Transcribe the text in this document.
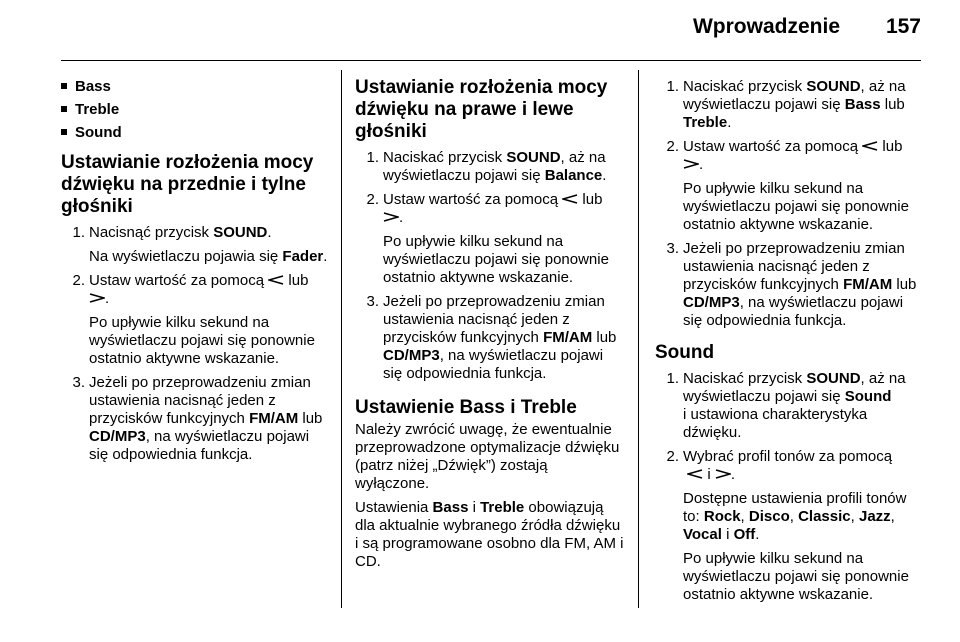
Wprowadzenie 157
Bass
Treble
Sound
Ustawianie rozłożenia mocy dźwięku na przednie i tylne głośniki
1. Nacisnąć przycisk SOUND.

Na wyświetlaczu pojawia się Fader.

2. Ustaw wartość za pomocą  lub
.

Po upływie kilku sekund na wyświetlaczu pojawi się ponownie ostatnio aktywne wskazanie.

3. Jeżeli po przeprowadzeniu zmian ustawienia nacisnąć jeden z przycisków funkcyjnych FM/AM lub CD/MP3, na wyświetlaczu pojawi się odpowiednia funkcja.

Ustawianie rozłożenia mocy dźwięku na prawe i lewe głośniki
1. Naciskać przycisk SOUND, aż na wyświetlaczu pojawi się Balance.

2. Ustaw wartość za pomocą  lub
.

Po upływie kilku sekund na wyświetlaczu pojawi się ponownie ostatnio aktywne wskazanie.

3. Jeżeli po przeprowadzeniu zmian ustawienia nacisnąć jeden z przycisków funkcyjnych FM/AM lub CD/MP3, na wyświetlaczu pojawi się odpowiednia funkcja.

Ustawienie Bass i Treble

Należy zwrócić uwagę, że ewentualnie przeprowadzone optymalizacje dźwięku (patrz niżej „Dźwięk”) zostają wyłączone.

Ustawienia Bass i Treble obowiązują dla aktualnie wybranego źródła dźwięku i są programowane osobno dla FM, AM i CD.

1. Naciskać przycisk SOUND, aż na wyświetlaczu pojawi się Bass lub Treble.

2. Ustaw wartość za pomocą  lub
.

Po upływie kilku sekund na wyświetlaczu pojawi się ponownie ostatnio aktywne wskazanie.

3. Jeżeli po przeprowadzeniu zmian ustawienia nacisnąć jeden z przycisków funkcyjnych FM/AM lub CD/MP3, na wyświetlaczu pojawi się odpowiednia funkcja.

Sound
1. Naciskać przycisk SOUND, aż na wyświetlaczu pojawi się Sound
i ustawiona charakterystyka dźwięku.

2. Wybrać profil tonów za pomocą
i .

Dostępne ustawienia profili tonów to: Rock, Disco, Classic, Jazz,
Vocal i Off.

Po upływie kilku sekund na wyświetlaczu pojawi się ponownie ostatnio aktywne wskazanie.
